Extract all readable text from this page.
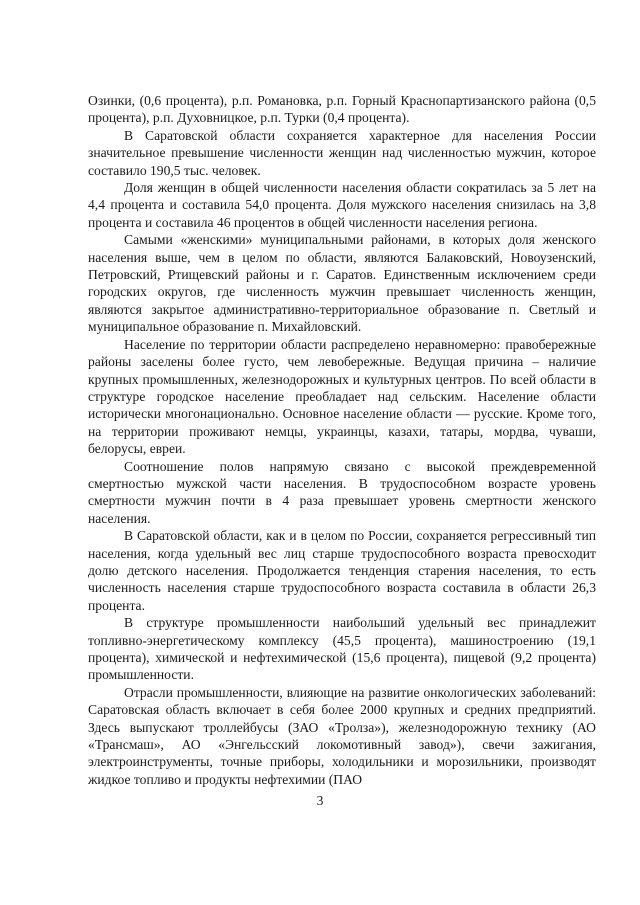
Озинки, (0,6 процента), р.п. Романовка, р.п. Горный Краснопартизанского района (0,5 процента), р.п. Духовницкое, р.п. Турки (0,4 процента).

В Саратовской области сохраняется характерное для населения России значительное превышение численности женщин над численностью мужчин, которое составило 190,5 тыс. человек.

Доля женщин в общей численности населения области сократилась за 5 лет на 4,4 процента и составила 54,0 процента. Доля мужского населения снизилась на 3,8 процента и составила 46 процентов в общей численности населения региона.

Самыми «женскими» муниципальными районами, в которых доля женского населения выше, чем в целом по области, являются Балаковский, Новоузенский, Петровский, Ртищевский районы и г. Саратов. Единственным исключением среди городских округов, где численность мужчин превышает численность женщин, являются закрытое административно-территориальное образование п. Светлый и муниципальное образование п. Михайловский.

Население по территории области распределено неравномерно: правобережные районы заселены более густо, чем левобережные. Ведущая причина – наличие крупных промышленных, железнодорожных и культурных центров. По всей области в структуре городское население преобладает над сельским. Население области исторически многонационально. Основное население области — русские. Кроме того, на территории проживают немцы, украинцы, казахи, татары, мордва, чуваши, белорусы, евреи.

Соотношение полов напрямую связано с высокой преждевременной смертностью мужской части населения. В трудоспособном возрасте уровень смертности мужчин почти в 4 раза превышает уровень смертности женского населения.

В Саратовской области, как и в целом по России, сохраняется регрессивный тип населения, когда удельный вес лиц старше трудоспособного возраста превосходит долю детского населения. Продолжается тенденция старения населения, то есть численность населения старше трудоспособного возраста составила в области 26,3 процента.

В структуре промышленности наибольший удельный вес принадлежит топливно-энергетическому комплексу (45,5 процента), машиностроению (19,1 процента), химической и нефтехимической (15,6 процента), пищевой (9,2 процента) промышленности.

Отрасли промышленности, влияющие на развитие онкологических заболеваний: Саратовская область включает в себя более 2000 крупных и средних предприятий. Здесь выпускают троллейбусы (ЗАО «Тролза»), железнодорожную технику (АО «Трансмаш», АО «Энгельсский локомотивный завод»), свечи зажигания, электроинструменты, точные приборы, холодильники и морозильники, производят жидкое топливо и продукты нефтехимии (ПАО

3
